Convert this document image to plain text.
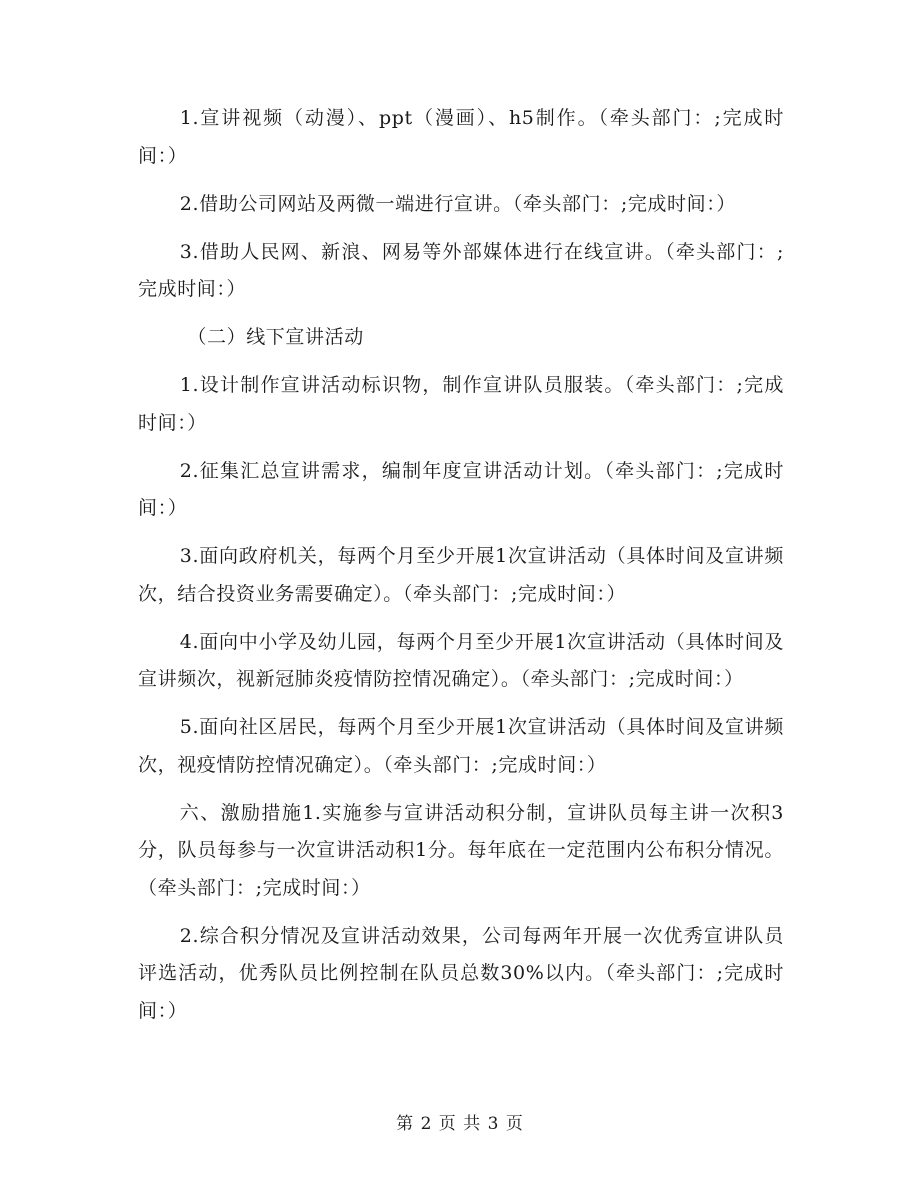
1.宣讲视频（动漫）、ppt（漫画）、h5制作。（牵头部门：;完成时间：）

2.借助公司网站及两微一端进行宣讲。（牵头部门：;完成时间：）

3.借助人民网、新浪、网易等外部媒体进行在线宣讲。（牵头部门：;完成时间：）

（二）线下宣讲活动

1.设计制作宣讲活动标识物，制作宣讲队员服装。（牵头部门：;完成时间：）

2.征集汇总宣讲需求，编制年度宣讲活动计划。（牵头部门：;完成时间：）

3.面向政府机关，每两个月至少开展1次宣讲活动（具体时间及宣讲频次，结合投资业务需要确定）。（牵头部门：;完成时间：）

4.面向中小学及幼儿园，每两个月至少开展1次宣讲活动（具体时间及宣讲频次，视新冠肺炎疫情防控情况确定）。（牵头部门：;完成时间：）

5.面向社区居民，每两个月至少开展1次宣讲活动（具体时间及宣讲频次，视疫情防控情况确定）。（牵头部门：;完成时间：）

六、激励措施1.实施参与宣讲活动积分制，宣讲队员每主讲一次积3分，队员每参与一次宣讲活动积1分。每年底在一定范围内公布积分情况。（牵头部门：;完成时间：）

2.综合积分情况及宣讲活动效果，公司每两年开展一次优秀宣讲队员评选活动，优秀队员比例控制在队员总数30%以内。（牵头部门：;完成时间：）

第 2 页 共 3 页
